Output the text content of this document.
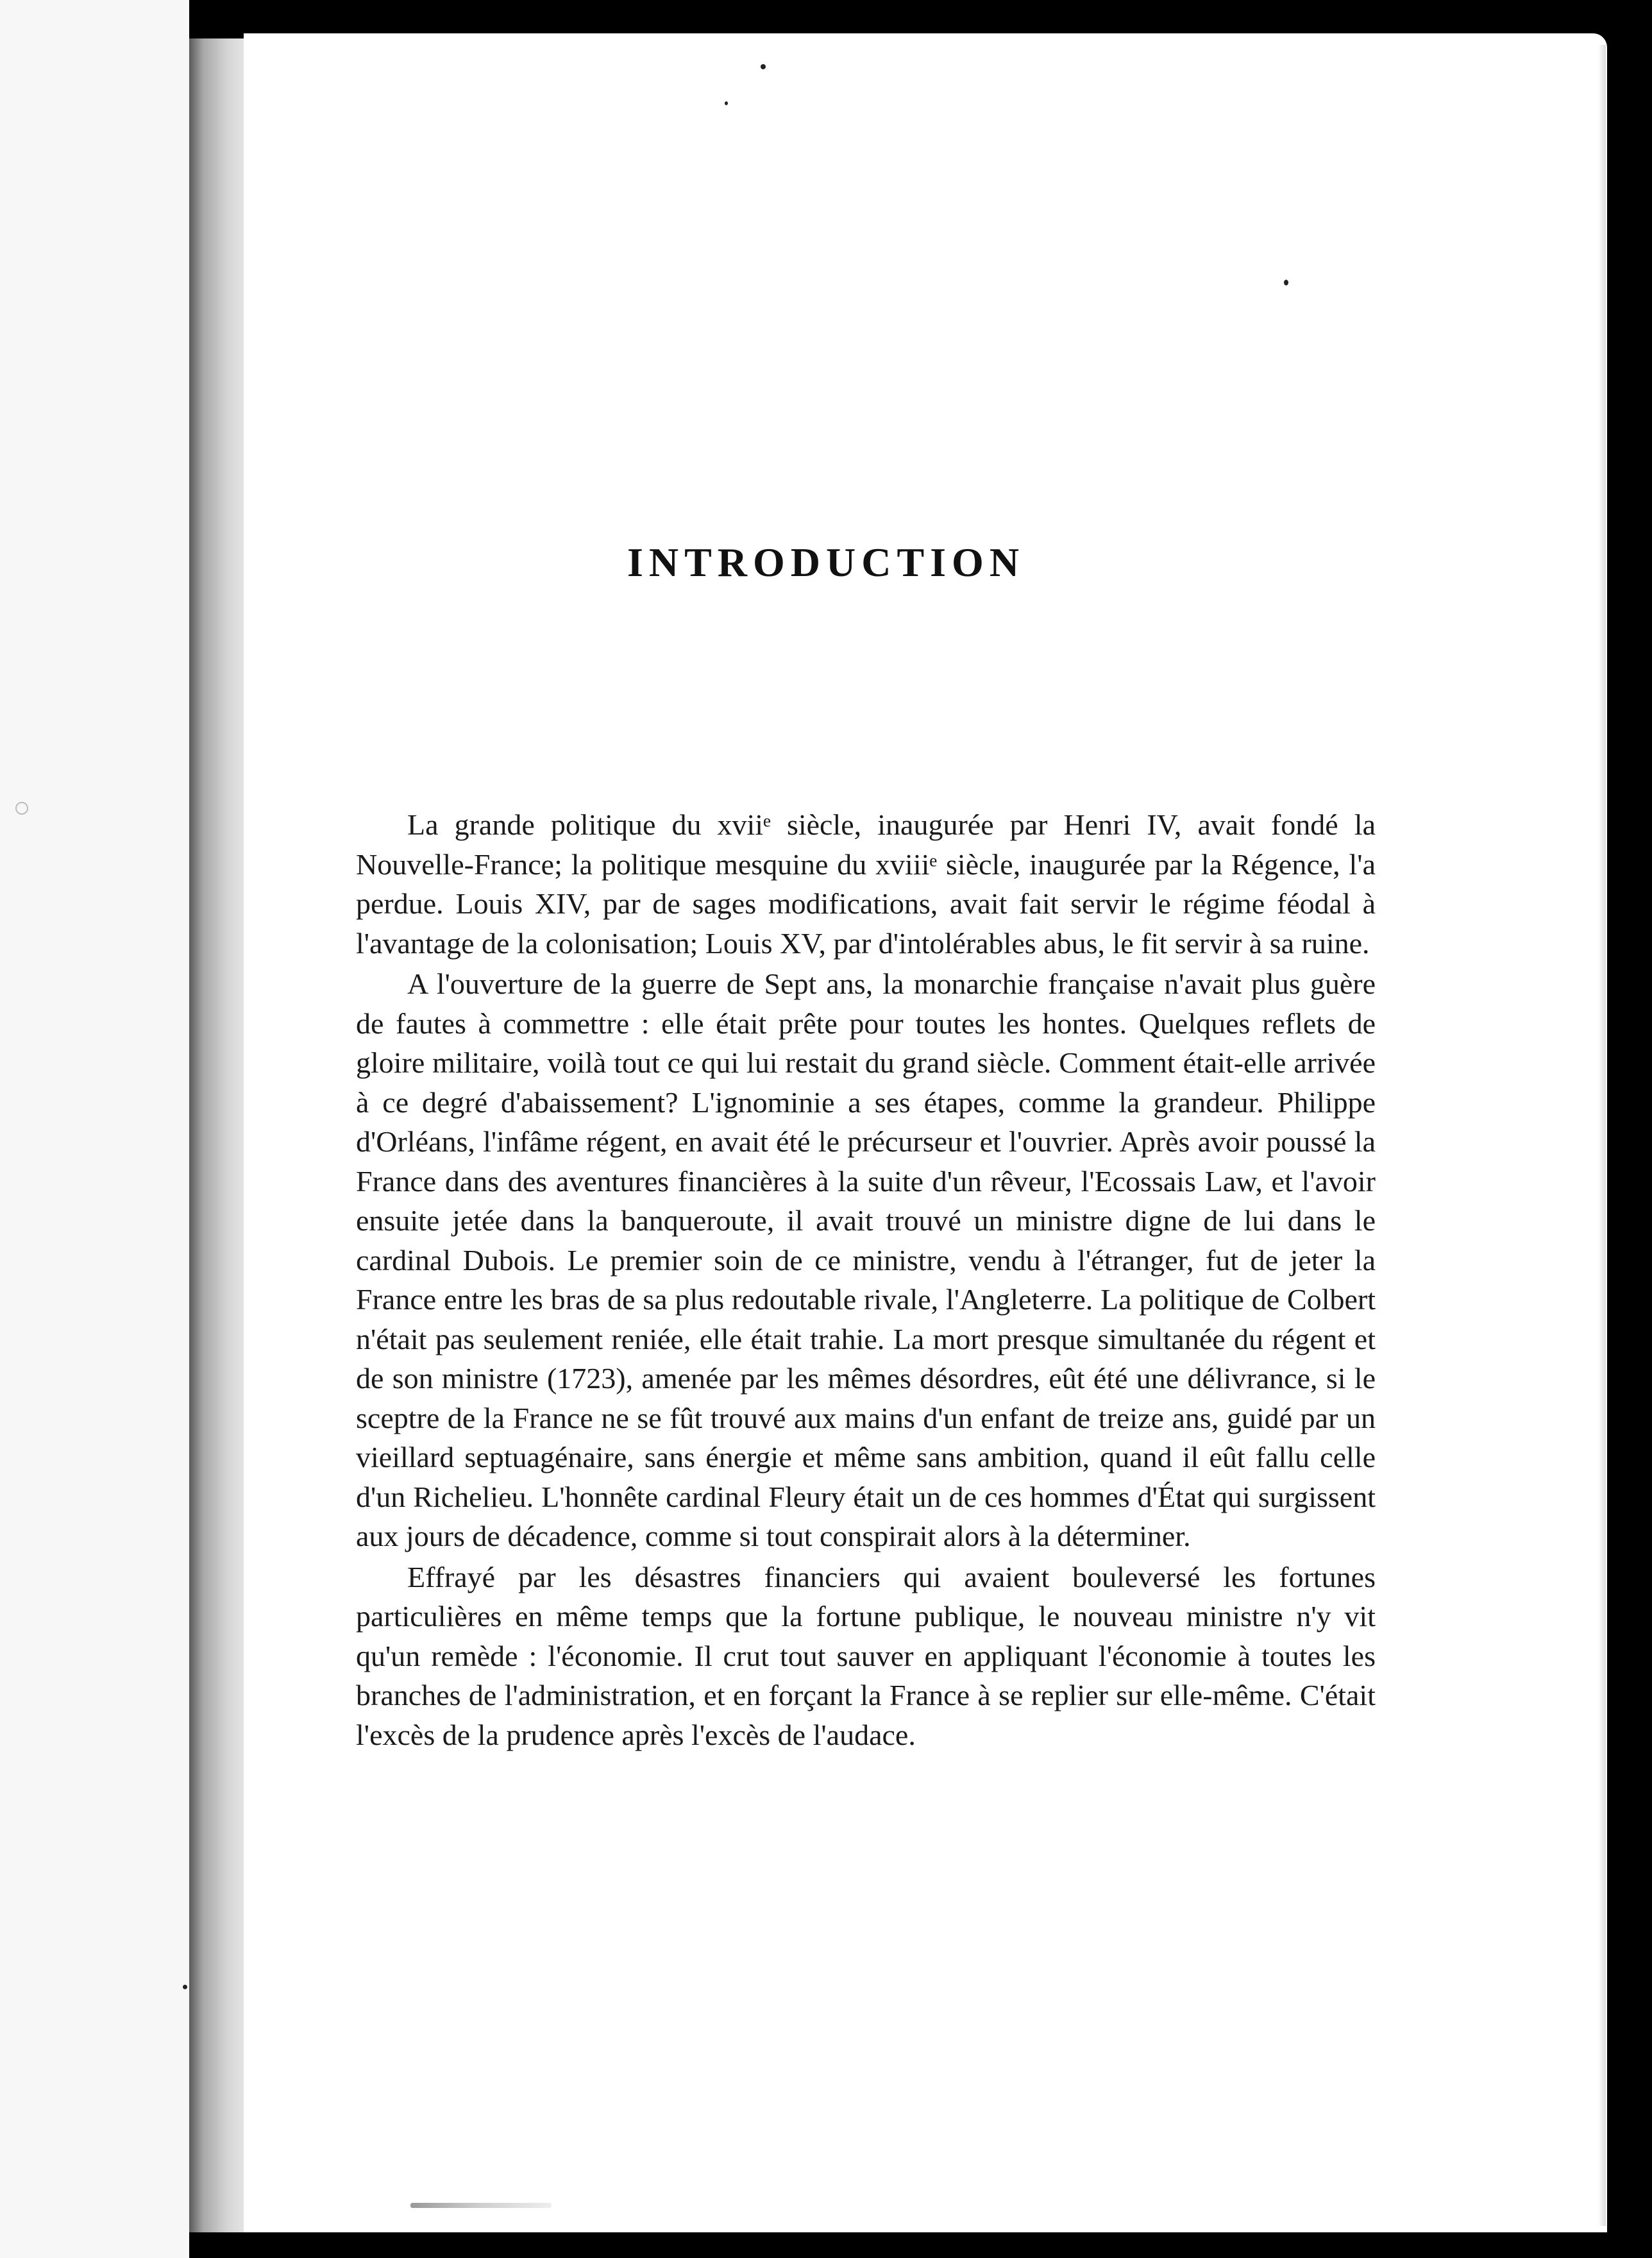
INTRODUCTION

La grande politique du xviiᵉ siècle, inaugurée par Henri IV, avait fondé la Nouvelle-France; la politique mesquine du xviiiᵉ siècle, inaugurée par la Régence, l'a perdue. Louis XIV, par de sages modifications, avait fait servir le régime féodal à l'avantage de la colonisation; Louis XV, par d'intolérables abus, le fit servir à sa ruine.

A l'ouverture de la guerre de Sept ans, la monarchie française n'avait plus guère de fautes à commettre : elle était prête pour toutes les hontes. Quelques reflets de gloire militaire, voilà tout ce qui lui restait du grand siècle. Comment était-elle arrivée à ce degré d'abaissement? L'ignominie a ses étapes, comme la grandeur. Philippe d'Orléans, l'infâme régent, en avait été le précurseur et l'ouvrier. Après avoir poussé la France dans des aventures financières à la suite d'un rêveur, l'Ecossais Law, et l'avoir ensuite jetée dans la banqueroute, il avait trouvé un ministre digne de lui dans le cardinal Dubois. Le premier soin de ce ministre, vendu à l'étranger, fut de jeter la France entre les bras de sa plus redoutable rivale, l'Angleterre. La politique de Colbert n'était pas seulement reniée, elle était trahie. La mort presque simultanée du régent et de son ministre (1723), amenée par les mêmes désordres, eût été une délivrance, si le sceptre de la France ne se fût trouvé aux mains d'un enfant de treize ans, guidé par un vieillard septuagénaire, sans énergie et même sans ambition, quand il eût fallu celle d'un Richelieu. L'honnête cardinal Fleury était un de ces hommes d'État qui surgissent aux jours de décadence, comme si tout conspirait alors à la déterminer.

Effrayé par les désastres financiers qui avaient bouleversé les fortunes particulières en même temps que la fortune publique, le nouveau ministre n'y vit qu'un remède : l'économie. Il crut tout sauver en appliquant l'économie à toutes les branches de l'administration, et en forçant la France à se replier sur elle-même. C'était l'excès de la prudence après l'excès de l'audace.
